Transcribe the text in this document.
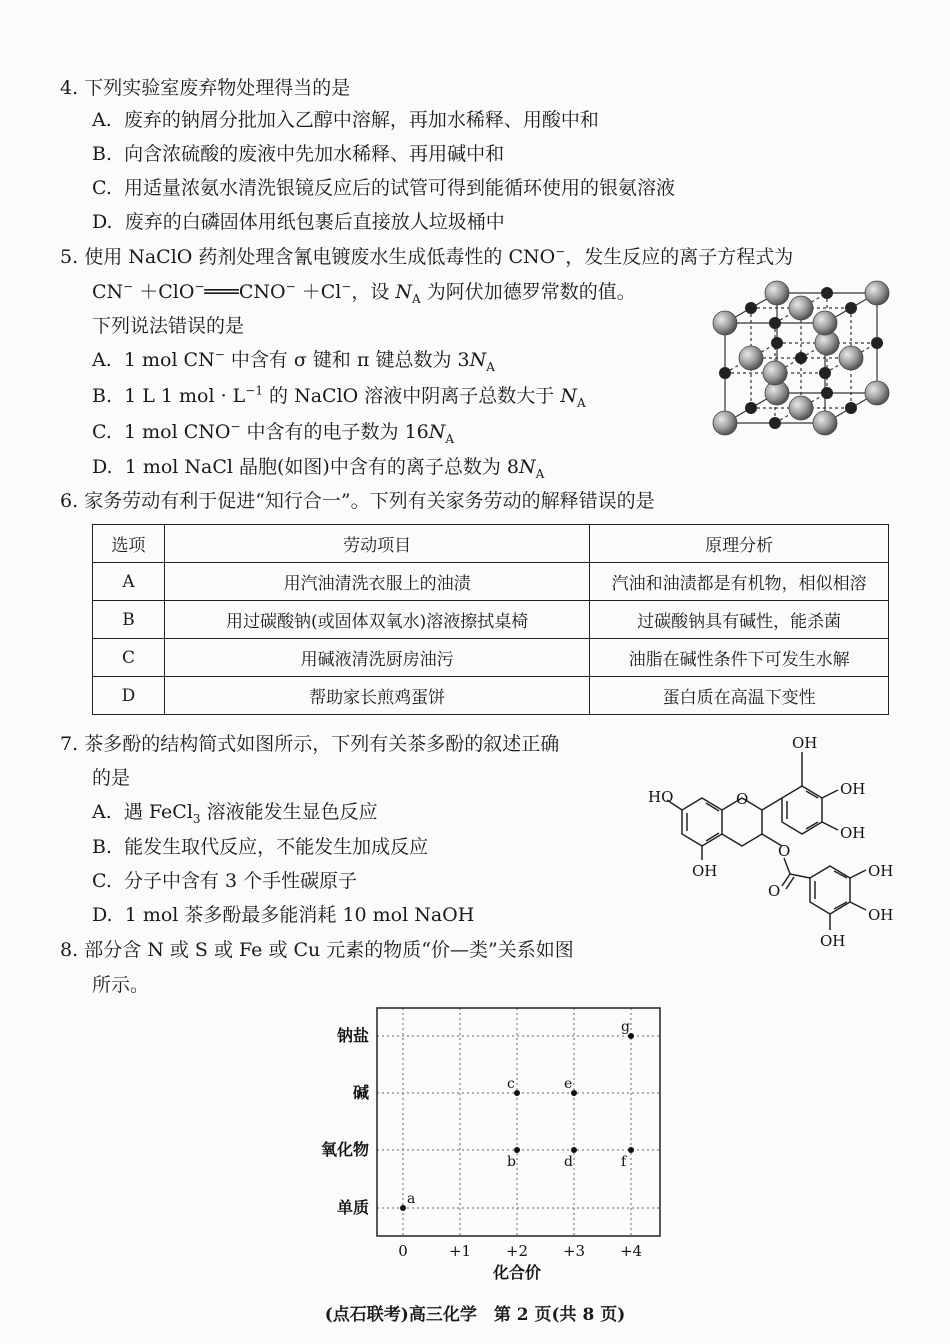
4. 下列实验室废弃物处理得当的是
A. 废弃的钠屑分批加入乙醇中溶解，再加水稀释、用酸中和
B. 向含浓硫酸的废液中先加水稀释、再用碱中和
C. 用适量浓氨水清洗银镜反应后的试管可得到能循环使用的银氨溶液
D. 废弃的白磷固体用纸包裹后直接放人垃圾桶中
5. 使用 NaClO 药剂处理含氰电镀废水生成低毒性的 CNO−，发生反应的离子方程式为
CN− ＋ClO−═══CNO− ＋Cl−，设 $N_A$ 为阿伏加德罗常数的值。
下列说法错误的是
A. 1 mol CN− 中含有 σ 键和 π 键总数为 $3N_A$
B. 1 L 1 mol · $L^{-1}$ 的 NaClO 溶液中阴离子总数大于 $N_A$
C. 1 mol CNO− 中含有的电子数为 $16N_A$
D. 1 mol NaCl 晶胞(如图)中含有的离子总数为 $8N_A$
6. 家务劳动有利于促进“知行合一”。下列有关家务劳动的解释错误的是
选项	劳动项目	原理分析
A	用汽油清洗衣服上的油渍	汽油和油渍都是有机物，相似相溶
B	用过碳酸钠(或固体双氧水)溶液擦拭桌椅	过碳酸钠具有碱性，能杀菌
C	用碱液清洗厨房油污	油脂在碱性条件下可发生水解
D	帮助家长煎鸡蛋饼	蛋白质在高温下变性
7. 茶多酚的结构简式如图所示，下列有关茶多酚的叙述正确
的是
A. 遇 FeCl$_3$ 溶液能发生显色反应
B. 能发生取代反应，不能发生加成反应
C. 分子中含有 3 个手性碳原子
D. 1 mol 茶多酚最多能消耗 10 mol NaOH
OH
OH
OH
HO	O
OH
O
O
OH
OH
OH
8. 部分含 N 或 S 或 Fe 或 Cu 元素的物质“价—类”关系如图
所示。
0	+1 +2 +3 +4
单质
氧化物
碱
钠盐
化合价
a
b
c
d
e
f
g
(点石联考)高三化学　第 2 页(共 8 页)
